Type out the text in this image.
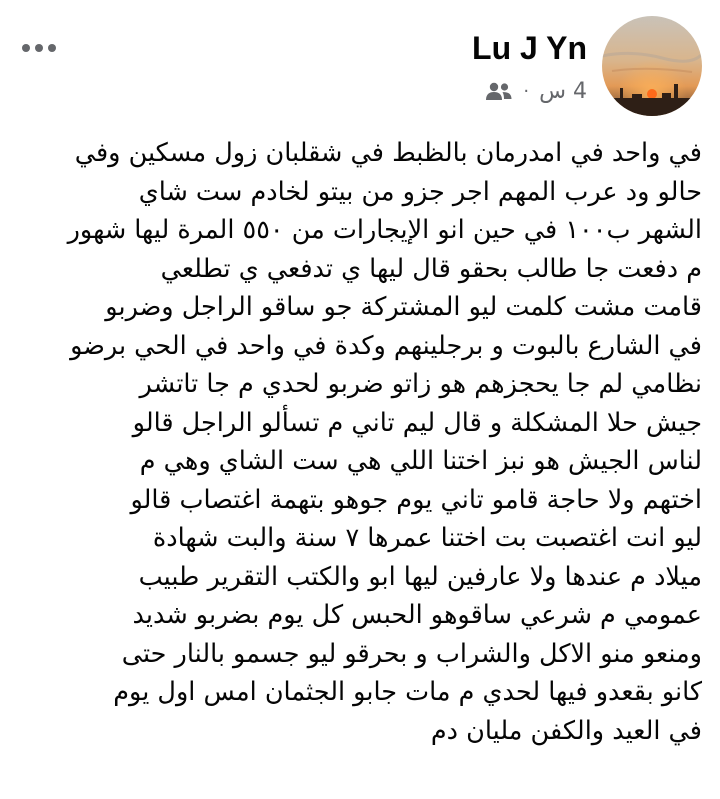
· 4 س
Lu J Yn
في واحد في امدرمان بالظبط في شقلبان زول مسكين وفي
حالو ود عرب المهم اجر جزو من بيتو لخادم ست شاي
الشهر ب١٠٠ في حين انو الإيجارات من ٥٥٠ المرة ليها شهور
م دفعت جا طالب بحقو قال ليها ي تدفعي ي تطلعي
قامت مشت كلمت ليو المشتركة جو ساقو الراجل وضربو
في الشارع بالبوت و برجلينهم وكدة في واحد في الحي برضو
نظامي لم جا يحجزهم هو زاتو ضربو لحدي م جا تاتشر
جيش حلا المشكلة و قال ليم تاني م تسألو الراجل قالو
لناس الجيش هو نبز اختنا اللي هي ست الشاي وهي م
اختهم ولا حاجة قامو تاني يوم جوهو بتهمة اغتصاب قالو
ليو انت اغتصبت بت اختنا عمرها ٧ سنة والبت شهادة
ميلاد م عندها ولا عارفين ليها ابو والكتب التقرير طبيب
عمومي م شرعي ساقوهو الحبس كل يوم بضربو شديد
ومنعو منو الاكل والشراب و بحرقو ليو جسمو بالنار حتى
كانو بقعدو فيها لحدي م مات جابو الجثمان امس اول يوم
في العيد والكفن مليان دم
